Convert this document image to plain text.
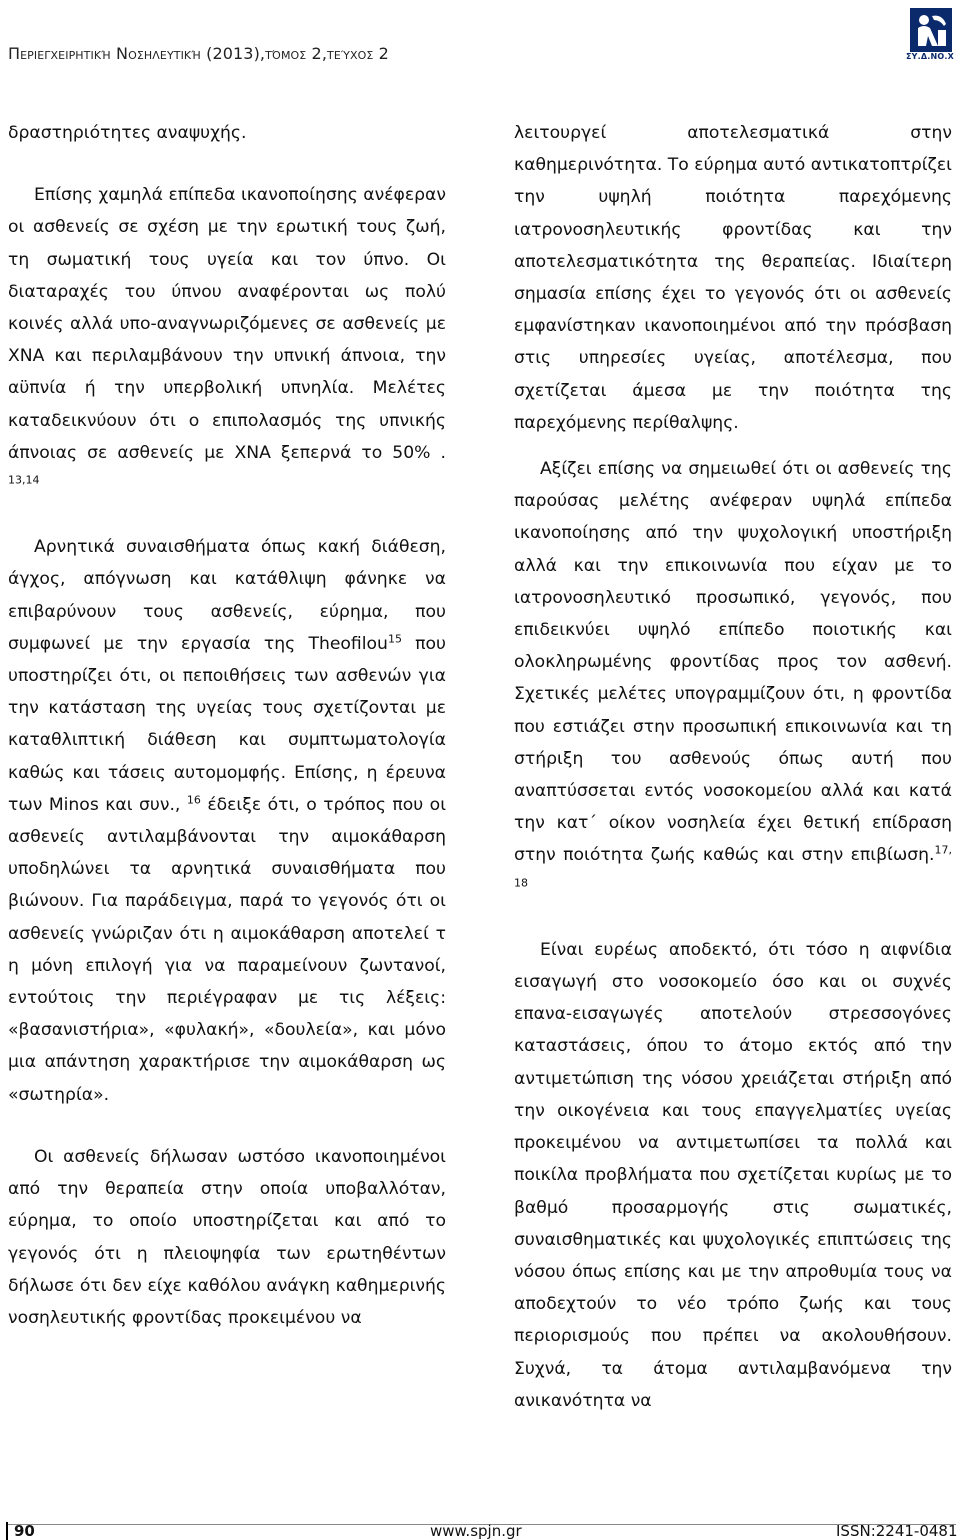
Περιεγχειρητική Νοσηλευτική (2013),τόμος 2,τεύχος 2	ΣΥ.Δ.ΝΟ.Χ

δραστηριότητες αναψυχής.

Επίσης χαμηλά επίπεδα ικανοποίησης ανέφεραν οι ασθενείς σε σχέση με την ερωτική τους ζωή, τη σωματική τους υγεία και τον ύπνο. Οι διαταραχές του ύπνου αναφέρονται ως πολύ κοινές αλλά υπο-αναγνωριζόμενες σε ασθενείς με ΧΝΑ και περιλαμβάνουν την υπνική άπνοια, την αϋπνία ή την υπερβολική υπνηλία. Μελέτες καταδεικνύουν ότι ο επιπολασμός της υπνικής άπνοιας σε ασθενείς με ΧΝΑ ξεπερνά το 50% . $^{13,14}$

Αρνητικά συναισθήματα όπως κακή διάθεση, άγχος, απόγνωση και κατάθλιψη φάνηκε να επιβαρύνουν τους ασθενείς, εύρημα, που συμφωνεί με την εργασία της Theofilou$^{15}$ που υποστηρίζει ότι, οι πεποιθήσεις των ασθενών για την κατάσταση της υγείας τους σχετίζονται με καταθλιπτική διάθεση και συμπτωματολογία καθώς και τάσεις αυτομομφής. Επίσης, η έρευνα των Minos και συν., $^{16}$ έδειξε ότι, ο τρόπος που οι ασθενείς αντιλαμβάνονται την αιμοκάθαρση υποδηλώνει τα αρνητικά συναισθήματα που βιώνουν. Για παράδειγμα, παρά το γεγονός ότι οι ασθενείς γνώριζαν ότι η αιμοκάθαρση αποτελεί τ η μόνη επιλογή για να παραμείνουν ζωντανοί, εντούτοις την περιέγραφαν με τις λέξεις: «βασανιστήρια», «φυλακή», «δουλεία», και μόνο μια απάντηση χαρακτήρισε την αιμοκάθαρση ως «σωτηρία».

Οι ασθενείς δήλωσαν ωστόσο ικανοποιημένοι από την θεραπεία στην οποία υποβαλλόταν, εύρημα, το οποίο υποστηρίζεται και από το γεγονός ότι η πλειοψηφία των ερωτηθέντων δήλωσε ότι δεν είχε καθόλου ανάγκη καθημερινής νοσηλευτικής φροντίδας προκειμένου να

λειτουργεί αποτελεσματικά στην καθημερινότητα. Το εύρημα αυτό αντικατοπτρίζει την υψηλή ποιότητα παρεχόμενης ιατρονοσηλευτικής φροντίδας και την αποτελεσματικότητα της θεραπείας. Ιδιαίτερη σημασία επίσης έχει το γεγονός ότι οι ασθενείς εμφανίστηκαν ικανοποιημένοι από την πρόσβαση στις υπηρεσίες υγείας, αποτέλεσμα, που σχετίζεται άμεσα με την ποιότητα της παρεχόμενης περίθαλψης.

Αξίζει επίσης να σημειωθεί ότι οι ασθενείς της παρούσας μελέτης ανέφεραν υψηλά επίπεδα ικανοποίησης από την ψυχολογική υποστήριξη αλλά και την επικοινωνία που είχαν με το ιατρονοσηλευτικό προσωπικό, γεγονός, που επιδεικνύει υψηλό επίπεδο ποιοτικής και ολοκληρωμένης φροντίδας προς τον ασθενή. Σχετικές μελέτες υπογραμμίζουν ότι, η φροντίδα που εστιάζει στην προσωπική επικοινωνία και τη στήριξη του ασθενούς όπως αυτή που αναπτύσσεται εντός νοσοκομείου αλλά και κατά την κατ΄ οίκον νοσηλεία έχει θετική επίδραση στην ποιότητα ζωής καθώς και στην επιβίωση.$^{17, 18}$

Είναι ευρέως αποδεκτό, ότι τόσο η αιφνίδια εισαγωγή στο νοσοκομείο όσο και οι συχνές επανα-εισαγωγές αποτελούν στρεσσογόνες καταστάσεις, όπου το άτομο εκτός από την αντιμετώπιση της νόσου χρειάζεται στήριξη από την οικογένεια και τους επαγγελματίες υγείας προκειμένου να αντιμετωπίσει τα πολλά και ποικίλα προβλήματα που σχετίζεται κυρίως με το βαθμό προσαρμογής στις σωματικές, συναισθηματικές και ψυχολογικές επιπτώσεις της νόσου όπως επίσης και με την απροθυμία τους να αποδεχτούν το νέο τρόπο ζωής και τους περιορισμούς που πρέπει να ακολουθήσουν. Συχνά, τα άτομα αντιλαμβανόμενα την ανικανότητα να

90	www.spjn.gr	ISSN:2241-0481
